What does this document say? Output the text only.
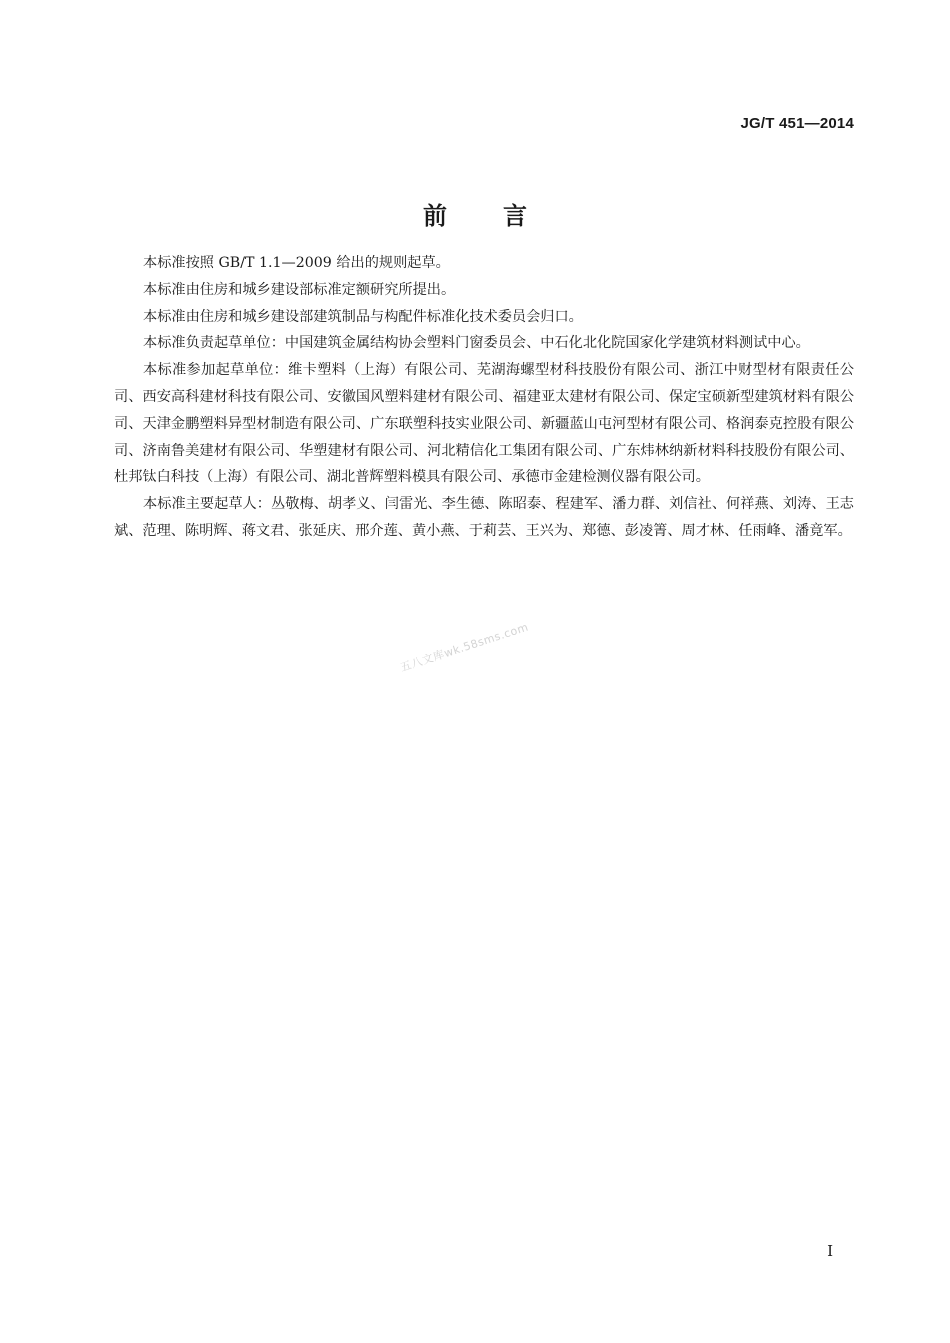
JG/T 451—2014
前言

本标准按照 GB/T 1.1—2009 给出的规则起草。

本标准由住房和城乡建设部标准定额研究所提出。

本标准由住房和城乡建设部建筑制品与构配件标准化技术委员会归口。

本标准负责起草单位：中国建筑金属结构协会塑料门窗委员会、中石化北化院国家化学建筑材料测试中心。

本标准参加起草单位：维卡塑料（上海）有限公司、芜湖海螺型材科技股份有限公司、浙江中财型材有限责任公司、西安高科建材科技有限公司、安徽国风塑料建材有限公司、福建亚太建材有限公司、保定宝硕新型建筑材料有限公司、天津金鹏塑料异型材制造有限公司、广东联塑科技实业限公司、新疆蓝山屯河型材有限公司、格润泰克控股有限公司、济南鲁美建材有限公司、华塑建材有限公司、河北精信化工集团有限公司、广东炜林纳新材料科技股份有限公司、杜邦钛白科技（上海）有限公司、湖北普辉塑料模具有限公司、承德市金建检测仪器有限公司。

本标准主要起草人：丛敬梅、胡孝义、闫雷光、李生德、陈昭泰、程建军、潘力群、刘信社、何祥燕、刘涛、王志斌、范理、陈明辉、蒋文君、张延庆、邢介莲、黄小燕、于莉芸、王兴为、郑德、彭凌箐、周才林、任雨峰、潘竟军。

五八文库wk.58sms.com
I
